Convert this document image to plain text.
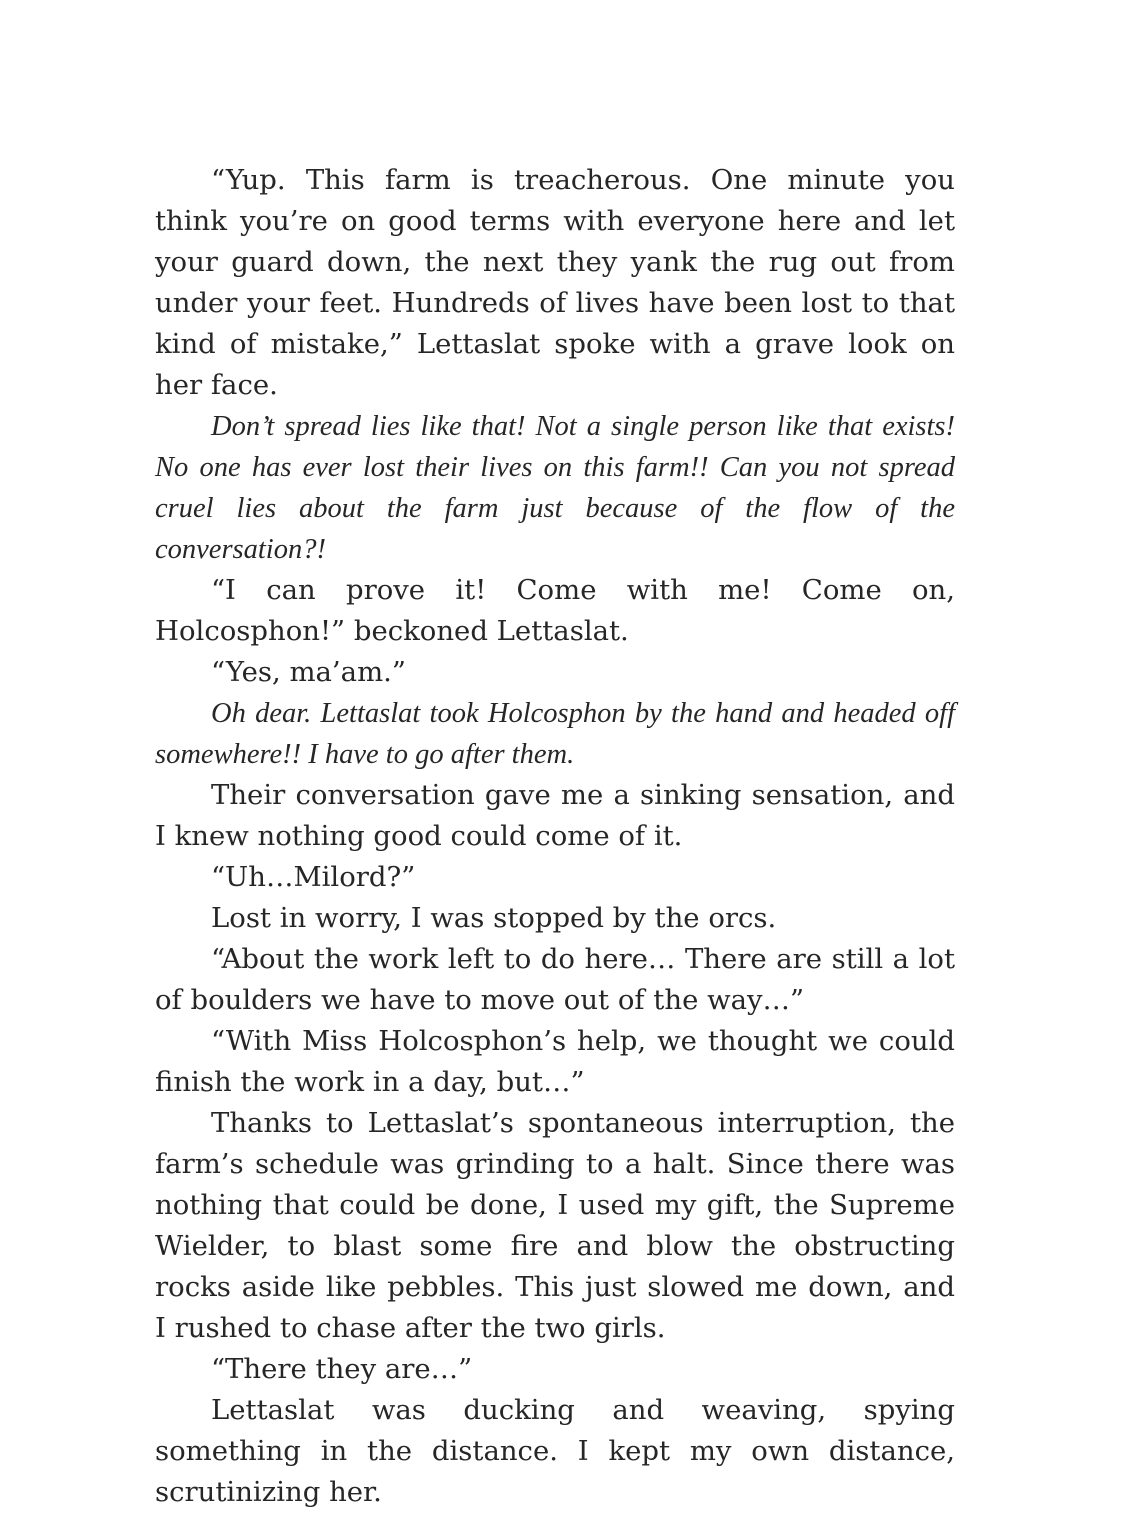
“Yup. This farm is treacherous. One minute you think you’re on good terms with everyone here and let your guard down, the next they yank the rug out from under your feet. Hundreds of lives have been lost to that kind of mistake,” Lettaslat spoke with a grave look on her face.

Don’t spread lies like that! Not a single person like that exists! No one has ever lost their lives on this farm!! Can you not spread cruel lies about the farm just because of the flow of the conversation?!

“I can prove it! Come with me! Come on, Holcosphon!” beckoned Lettaslat.

“Yes, ma’am.”

Oh dear. Lettaslat took Holcosphon by the hand and headed off somewhere!! I have to go after them.

Their conversation gave me a sinking sensation, and I knew nothing good could come of it.

“Uh…Milord?”

Lost in worry, I was stopped by the orcs.

“About the work left to do here… There are still a lot of boulders we have to move out of the way…”

“With Miss Holcosphon’s help, we thought we could finish the work in a day, but…”

Thanks to Lettaslat’s spontaneous interruption, the farm’s schedule was grinding to a halt. Since there was nothing that could be done, I used my gift, the Supreme Wielder, to blast some fire and blow the obstructing rocks aside like pebbles. This just slowed me down, and I rushed to chase after the two girls.

“There they are…”

Lettaslat was ducking and weaving, spying something in the distance. I kept my own distance, scrutinizing her.
